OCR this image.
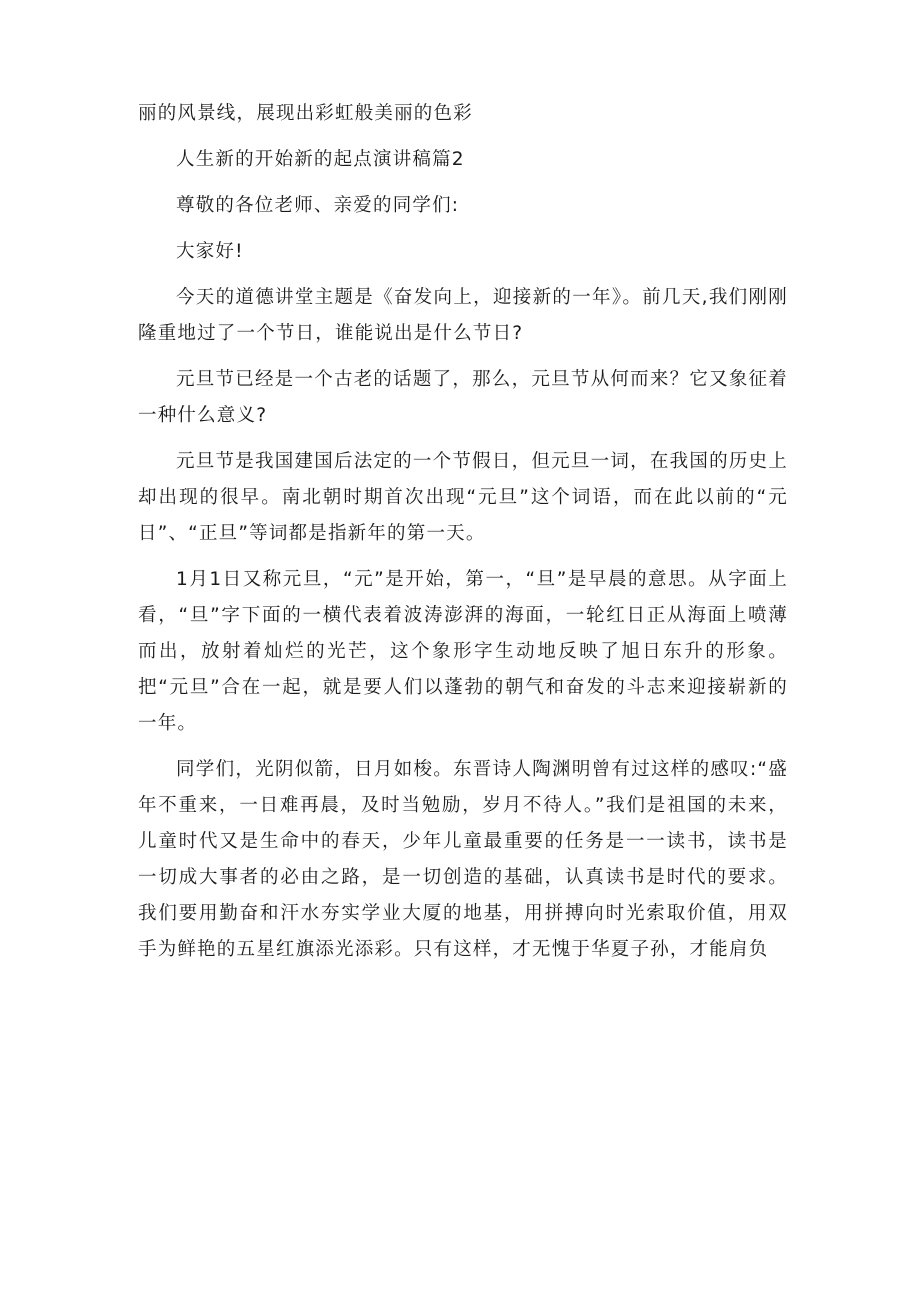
丽的风景线，展现出彩虹般美丽的色彩

人生新的开始新的起点演讲稿篇2

尊敬的各位老师、亲爱的同学们:

大家好!

今天的道德讲堂主题是《奋发向上，迎接新的一年》。前几天,我们刚刚隆重地过了一个节日，谁能说出是什么节日?

元旦节已经是一个古老的话题了，那么，元旦节从何而来？它又象征着一种什么意义?

元旦节是我国建国后法定的一个节假日，但元旦一词，在我国的历史上却出现的很早。南北朝时期首次出现“元旦”这个词语，而在此以前的“元日”、“正旦”等词都是指新年的第一天。

1月1日又称元旦，“元”是开始，第一，“旦”是早晨的意思。从字面上看，“旦”字下面的一横代表着波涛澎湃的海面，一轮红日正从海面上喷薄而出，放射着灿烂的光芒，这个象形字生动地反映了旭日东升的形象。把“元旦”合在一起，就是要人们以蓬勃的朝气和奋发的斗志来迎接崭新的一年。

同学们，光阴似箭，日月如梭。东晋诗人陶渊明曾有过这样的感叹:“盛年不重来，一日难再晨，及时当勉励，岁月不待人。”我们是祖国的未来，儿童时代又是生命中的春天，少年儿童最重要的任务是一一读书，读书是一切成大事者的必由之路，是一切创造的基础，认真读书是时代的要求。我们要用勤奋和汗水夯实学业大厦的地基，用拼搏向时光索取价值，用双手为鲜艳的五星红旗添光添彩。只有这样，才无愧于华夏子孙，才能肩负
